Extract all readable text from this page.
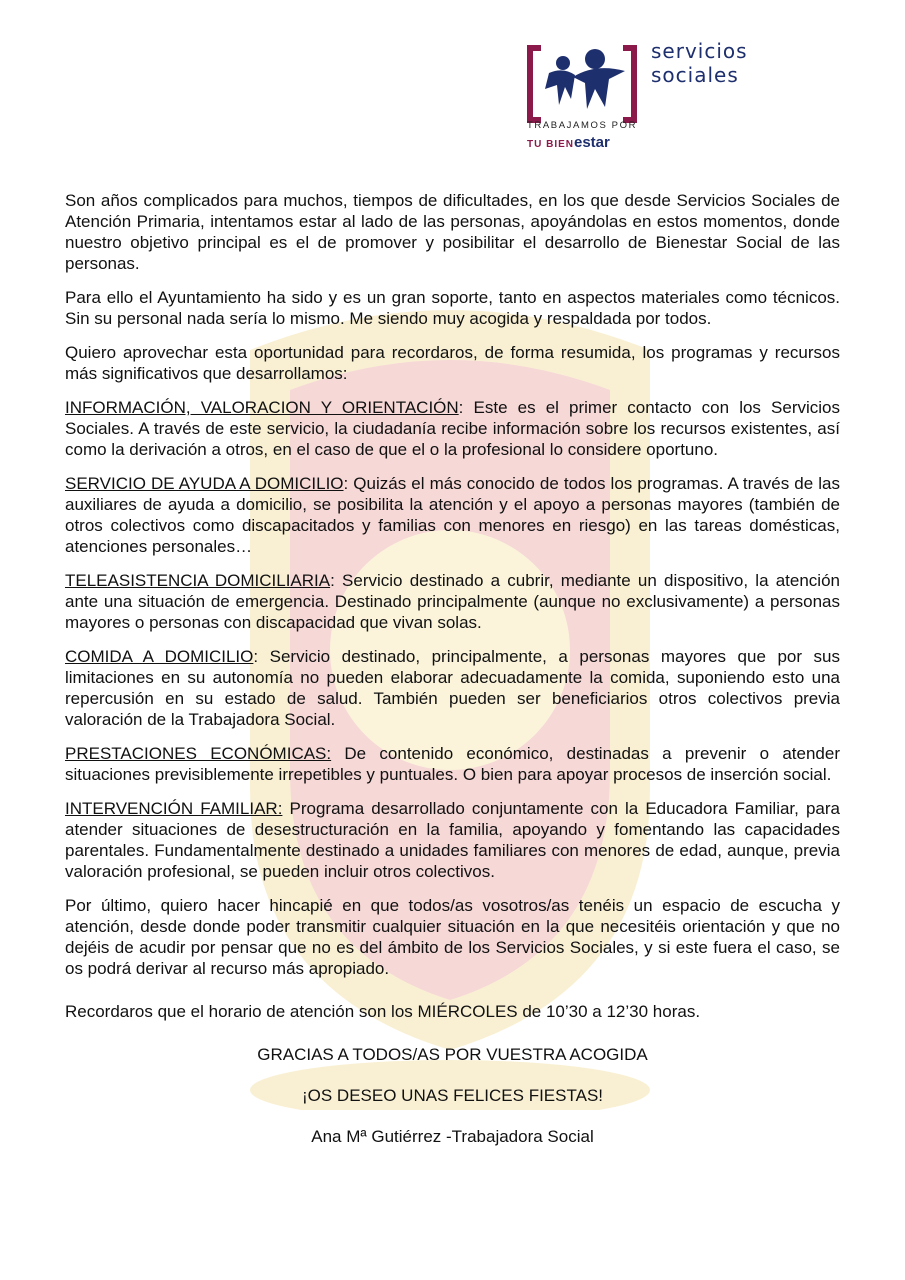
servicios
sociales
TRABAJAMOS POR
TU BIENestar

Son años complicados para muchos, tiempos de dificultades, en los que desde Servicios Sociales de Atención Primaria, intentamos estar al lado de las personas, apoyándolas en estos momentos, donde nuestro objetivo principal es el de promover y posibilitar el desarrollo de Bienestar Social de las personas.

Para ello el Ayuntamiento ha sido y es un gran soporte, tanto en aspectos materiales como técnicos. Sin su personal nada sería lo mismo. Me siendo muy acogida y respaldada por todos.

Quiero aprovechar esta oportunidad para recordaros, de forma resumida, los programas y recursos más significativos que desarrollamos:

INFORMACIÓN, VALORACION Y ORIENTACIÓN: Este es el primer contacto con los Servicios Sociales. A través de este servicio, la ciudadanía recibe información sobre los recursos existentes, así como la derivación a otros, en el caso de que el o la profesional lo considere oportuno.

SERVICIO DE AYUDA A DOMICILIO: Quizás el más conocido de todos los programas. A través de las auxiliares de ayuda a domicilio, se posibilita la atención y el apoyo a personas mayores (también de otros colectivos como discapacitados y familias con menores en riesgo) en las tareas domésticas, atenciones personales…

TELEASISTENCIA DOMICILIARIA: Servicio destinado a cubrir, mediante un dispositivo, la atención ante una situación de emergencia. Destinado principalmente (aunque no exclusivamente) a personas mayores o personas con discapacidad que vivan solas.

COMIDA A DOMICILIO: Servicio destinado, principalmente, a personas mayores que por sus limitaciones en su autonomía no pueden elaborar adecuadamente la comida, suponiendo esto una repercusión en su estado de salud. También pueden ser beneficiarios otros colectivos previa valoración de la Trabajadora Social.

PRESTACIONES ECONÓMICAS: De contenido económico, destinadas a prevenir o atender situaciones previsiblemente irrepetibles y puntuales. O bien para apoyar procesos de inserción social.

INTERVENCIÓN FAMILIAR: Programa desarrollado conjuntamente con la Educadora Familiar, para atender situaciones de desestructuración en la familia, apoyando y fomentando las capacidades parentales. Fundamentalmente destinado a unidades familiares con menores de edad, aunque, previa valoración profesional, se pueden incluir otros colectivos.

Por último, quiero hacer hincapié en que todos/as vosotros/as tenéis un espacio de escucha y atención, desde donde poder transmitir cualquier situación en la que necesitéis orientación y que no dejéis de acudir por pensar que no es del ámbito de los Servicios Sociales, y si este fuera el caso, se os podrá derivar al recurso más apropiado.

Recordaros que el horario de atención son los MIÉRCOLES de 10’30 a 12’30 horas.

GRACIAS A TODOS/AS POR VUESTRA ACOGIDA

¡OS DESEO UNAS FELICES FIESTAS!

Ana Mª Gutiérrez -Trabajadora Social
